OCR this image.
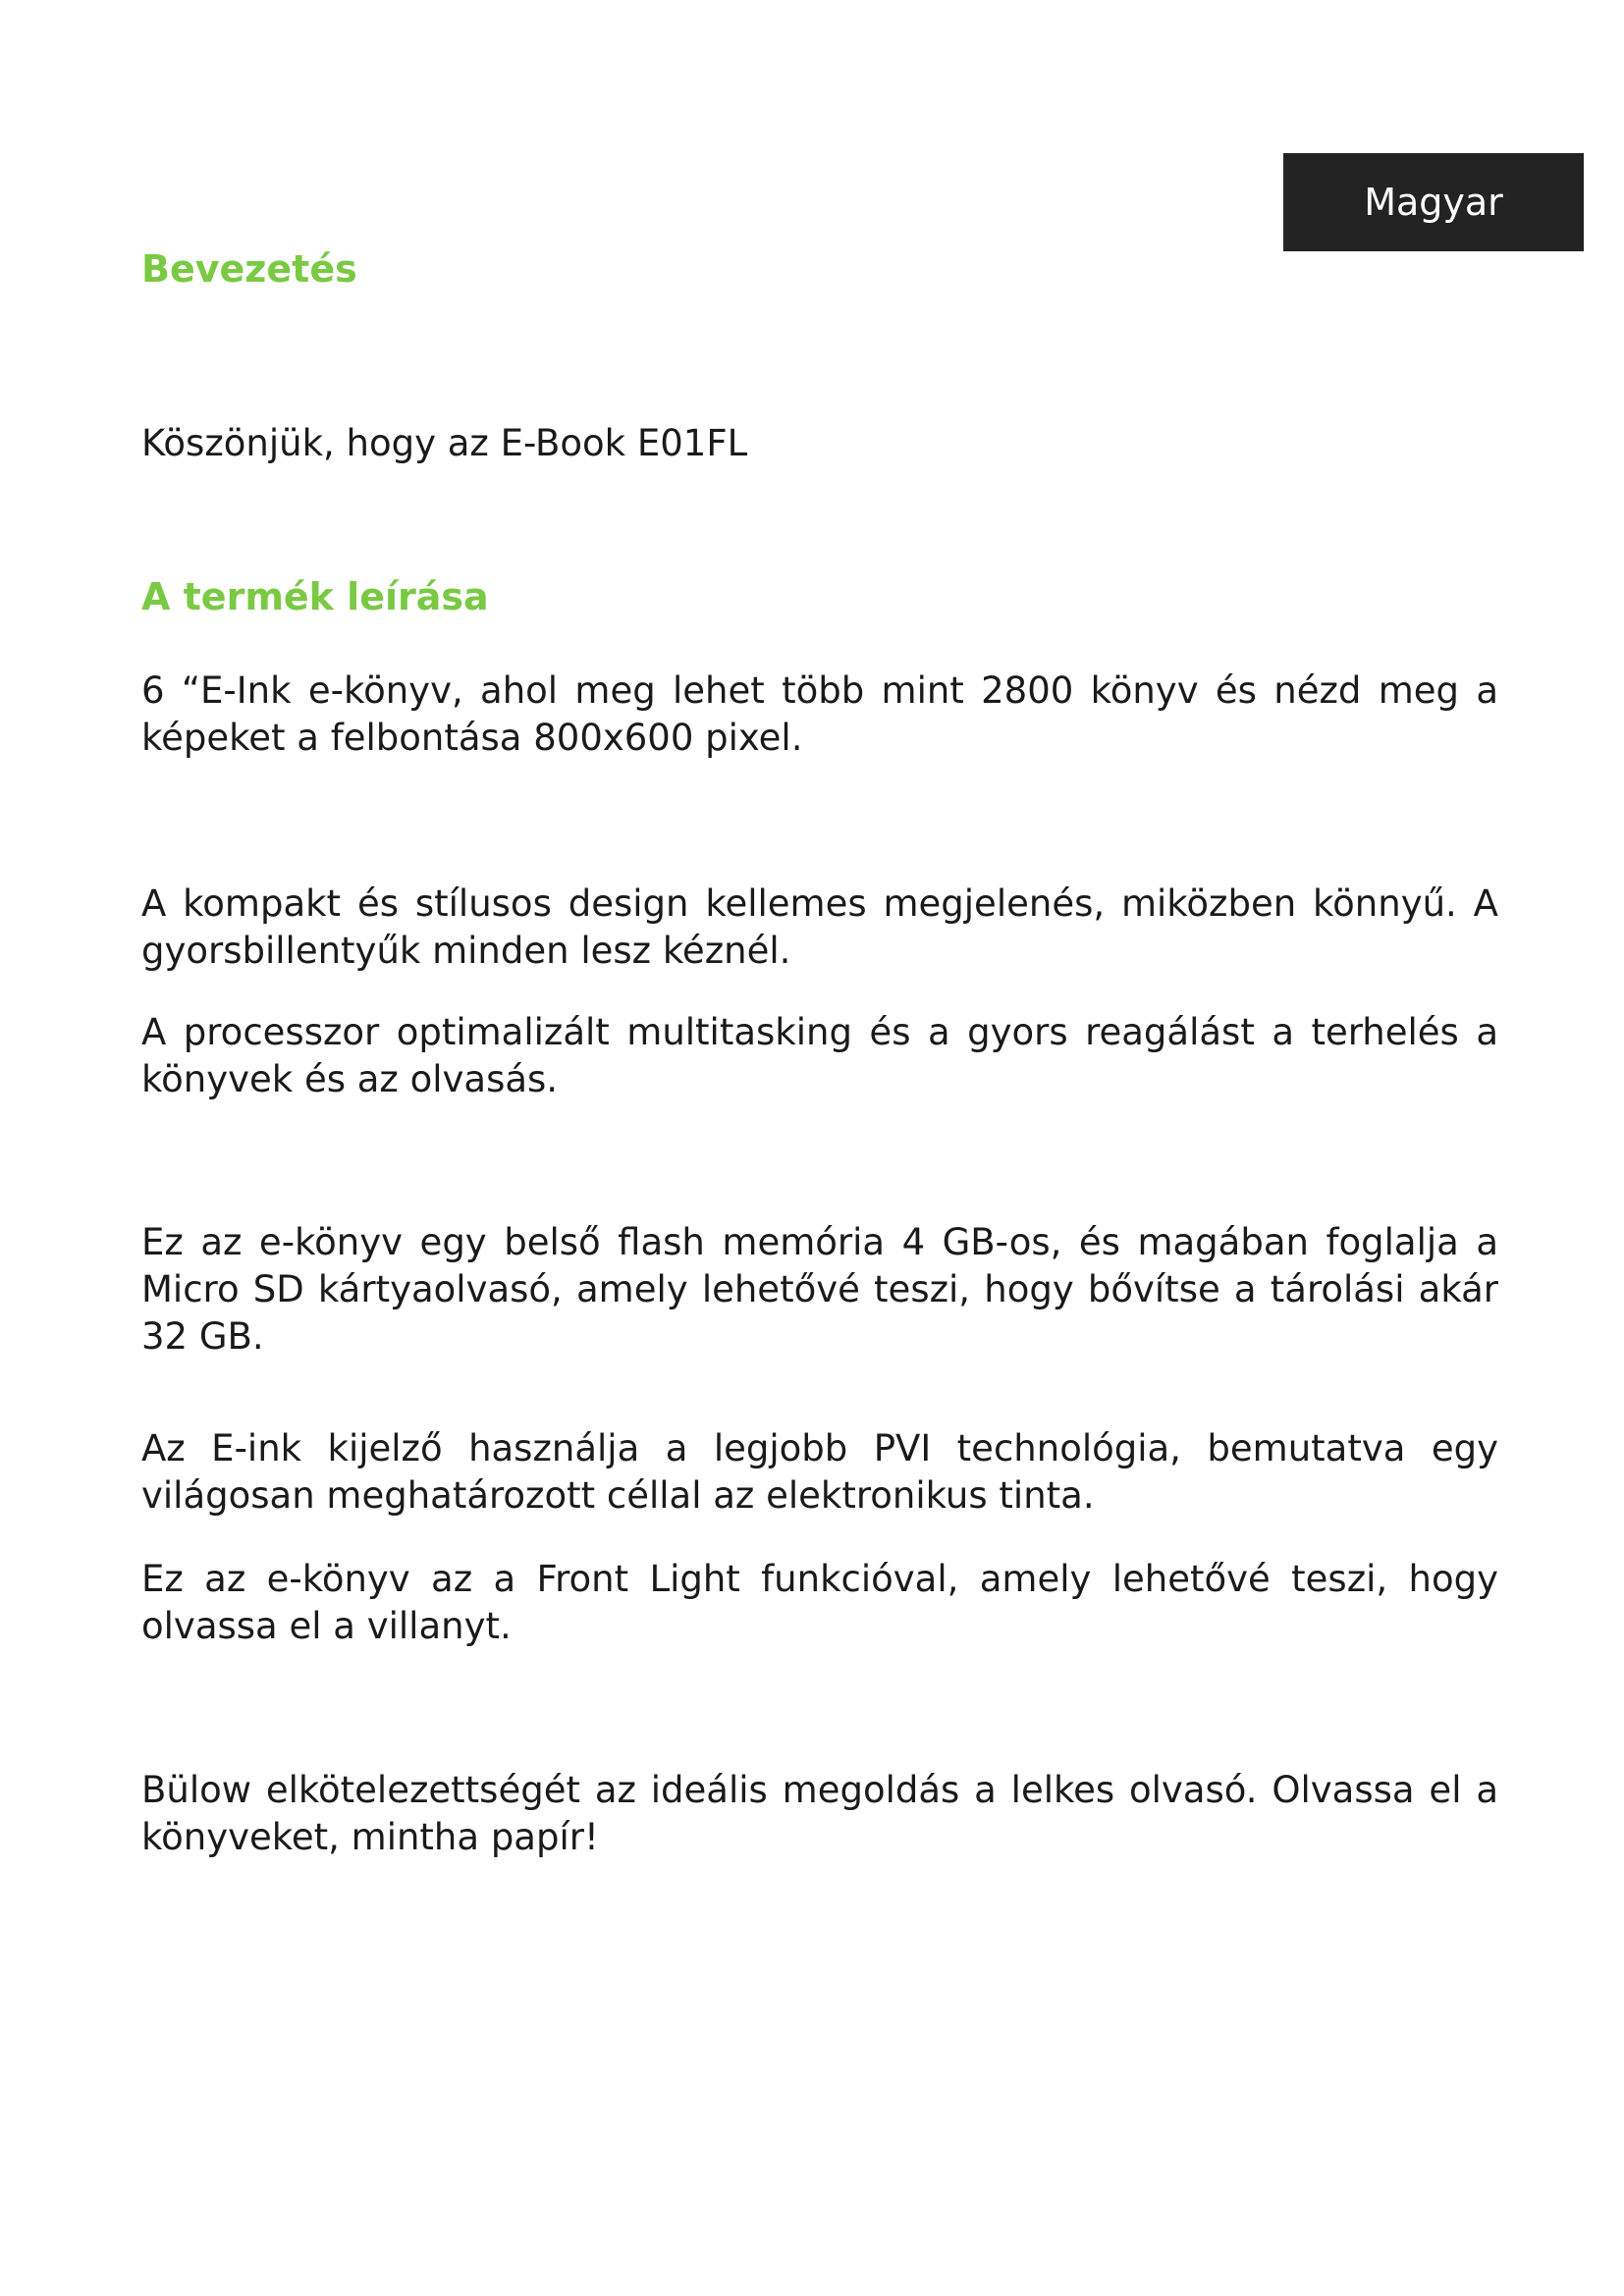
Magyar
Bevezetés

Köszönjük, hogy az E-Book E01FL

A termék leírása

6 “E-Ink e-könyv, ahol meg lehet több mint 2800 könyv és nézd meg a képeket a felbontása 800x600 pixel.

A kompakt és stílusos design kellemes megjelenés, miközben könnyű. A gyorsbillentyűk minden lesz kéznél.

A processzor optimalizált multitasking és a gyors reagálást a terhelés a könyvek és az olvasás.

Ez az e-könyv egy belső flash memória 4 GB-os, és magában foglalja a Micro SD kártyaolvasó, amely lehetővé teszi, hogy bővítse a tárolási akár 32 GB.

Az E-ink kijelző használja a legjobb PVI technológia, bemutatva egy világosan meghatározott céllal az elektronikus tinta.

Ez az e-könyv az a Front Light funkcióval, amely lehetővé teszi, hogy olvassa el a villanyt.

Bülow elkötelezettségét az ideális megoldás a lelkes olvasó. Olvassa el a könyveket, mintha papír!
